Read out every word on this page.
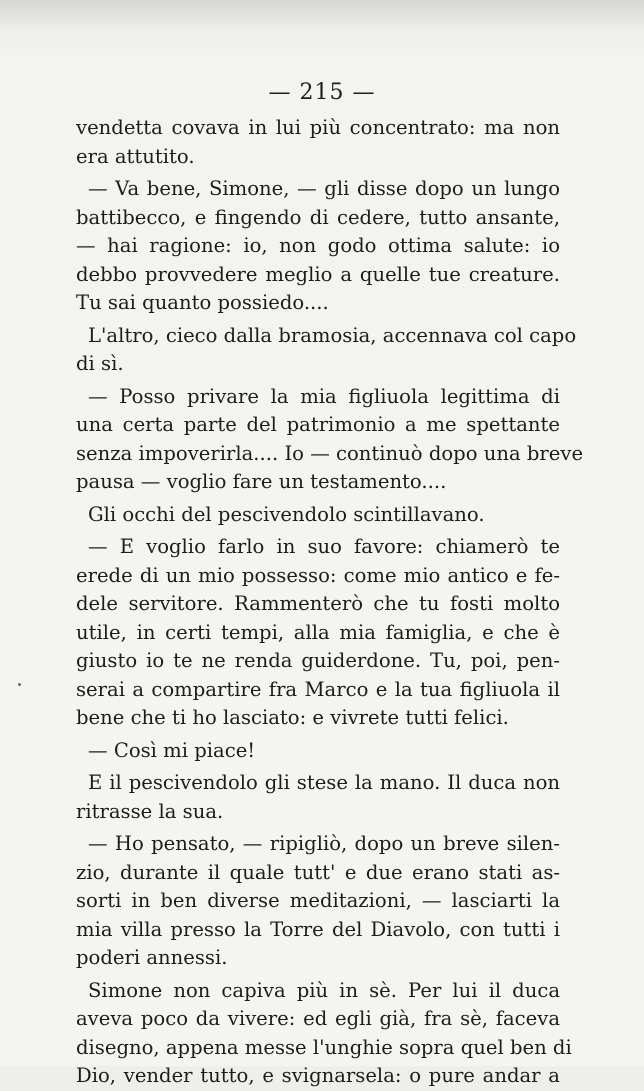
— 215 —
vendetta covava in lui più concentrato: ma non
era attutito.
— Va bene, Simone, — gli disse dopo un lungo
battibecco, e fingendo di cedere, tutto ansante,
— hai ragione: io, non godo ottima salute: io
debbo provvedere meglio a quelle tue creature.
Tu sai quanto possiedo....
L'altro, cieco dalla bramosia, accennava col capo
di sì.
— Posso privare la mia figliuola legittima di
una certa parte del patrimonio a me spettante
senza impoverirla.... Io — continuò dopo una breve
pausa — voglio fare un testamento....
Gli occhi del pescivendolo scintillavano.
— E voglio farlo in suo favore: chiamerò te
erede di un mio possesso: come mio antico e fe-
dele servitore. Rammenterò che tu fosti molto
utile, in certi tempi, alla mia famiglia, e che è
giusto io te ne renda guiderdone. Tu, poi, pen-
serai a compartire fra Marco e la tua figliuola il
bene che ti ho lasciato: e vivrete tutti felici.
— Così mi piace!
E il pescivendolo gli stese la mano. Il duca non
ritrasse la sua.
— Ho pensato, — ripigliò, dopo un breve silen-
zio, durante il quale tutt' e due erano stati as-
sorti in ben diverse meditazioni, — lasciarti la
mia villa presso la Torre del Diavolo, con tutti i
poderi annessi.
Simone non capiva più in sè. Per lui il duca
aveva poco da vivere: ed egli già, fra sè, faceva
disegno, appena messe l'unghie sopra quel ben di
Dio, vender tutto, e svignarsela: o pure andar a
